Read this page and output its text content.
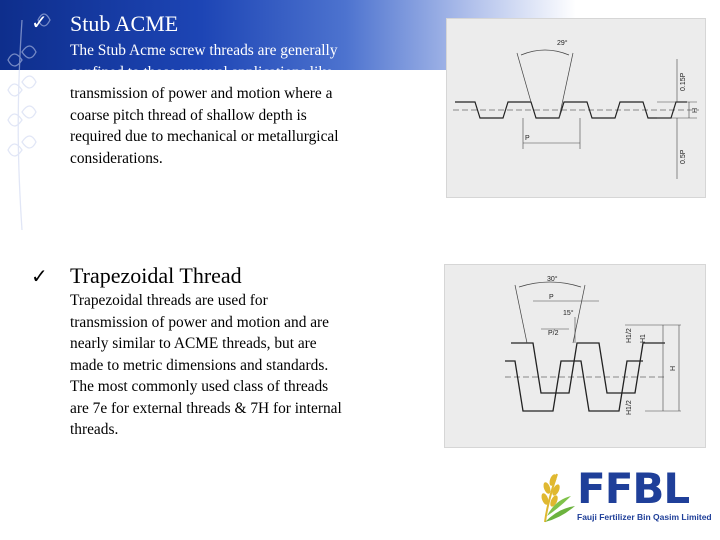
✓ Stub ACME

The Stub Acme screw threads are generally

confined to those unusual applications like

transmission of power and motion where a

coarse pitch thread of shallow depth is

required due to mechanical or metallurgical

considerations.

29°
P
0.15P
0.5P
H
✓ Trapezoidal Thread

Trapezoidal threads are used for

transmission of power and motion and are

nearly similar to ACME threads, but are

made to metric dimensions and standards.

The most commonly used class of threads

are 7e for external threads & 7H for internal

threads.

30°
P
15°
P/2	H1/2 H1
H1/2
H
FFBL
Fauji Fertilizer Bin Qasim Limited
